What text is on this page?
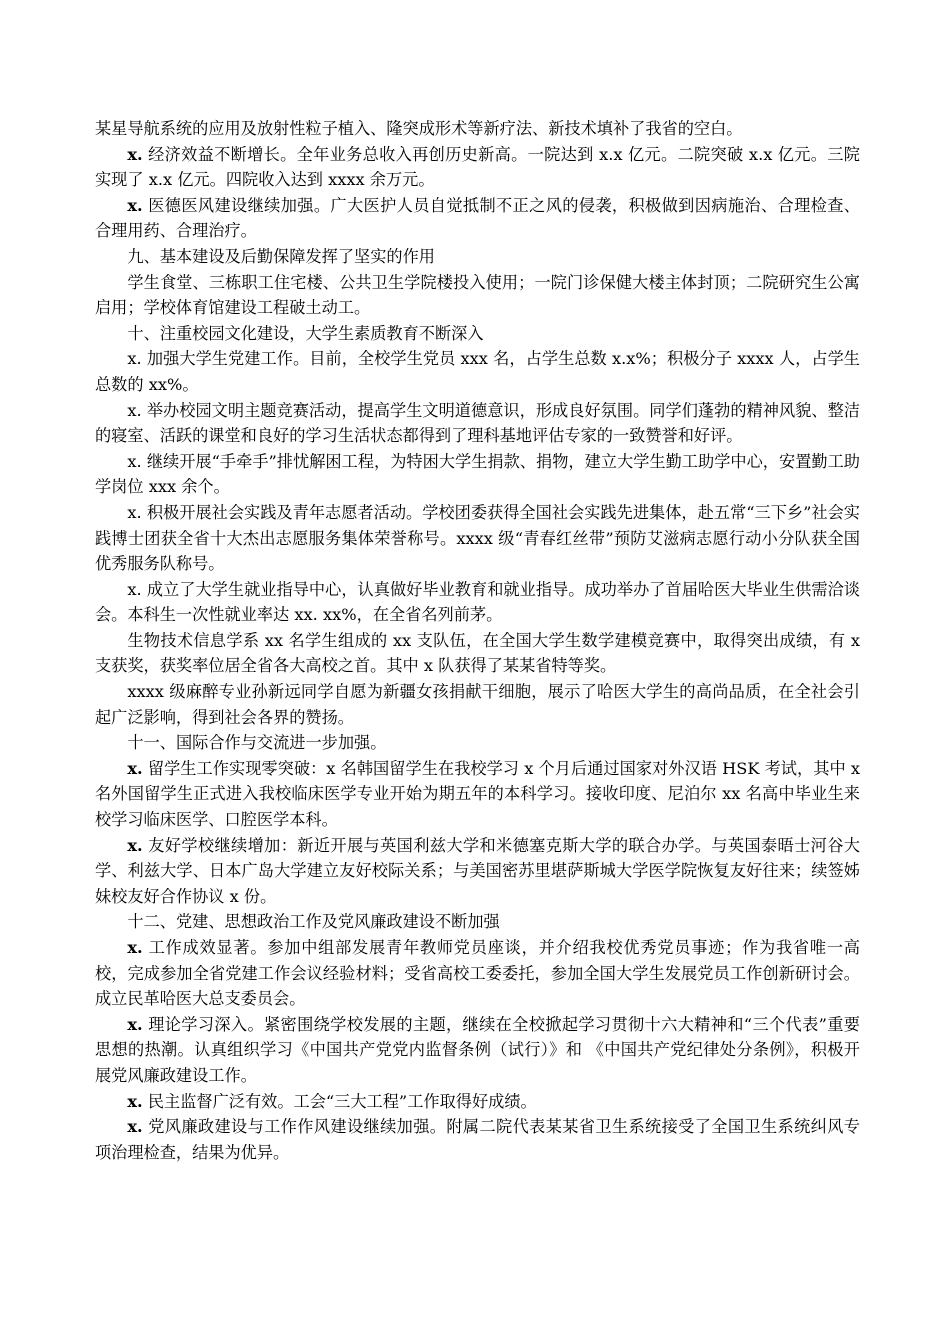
某星导航系统的应用及放射性粒子植入、隆突成形术等新疗法、新技术填补了我省的空白。

x. 经济效益不断增长。全年业务总收入再创历史新高。一院达到 x.x 亿元。二院突破 x.x 亿元。三院实现了 x.x 亿元。四院收入达到 xxxx 余万元。

x. 医德医风建设继续加强。广大医护人员自觉抵制不正之风的侵袭，积极做到因病施治、合理检查、合理用药、合理治疗。

九、基本建设及后勤保障发挥了坚实的作用

学生食堂、三栋职工住宅楼、公共卫生学院楼投入使用；一院门诊保健大楼主体封顶；二院研究生公寓启用；学校体育馆建设工程破土动工。

十、注重校园文化建设，大学生素质教育不断深入

x. 加强大学生党建工作。目前，全校学生党员 xxx 名，占学生总数 x.x%；积极分子 xxxx 人，占学生总数的 xx%。

x. 举办校园文明主题竞赛活动，提高学生文明道德意识，形成良好氛围。同学们蓬勃的精神风貌、整洁的寝室、活跃的课堂和良好的学习生活状态都得到了理科基地评估专家的一致赞誉和好评。

x. 继续开展“手牵手”排忧解困工程，为特困大学生捐款、捐物，建立大学生勤工助学中心，安置勤工助学岗位 xxx 余个。

x. 积极开展社会实践及青年志愿者活动。学校团委获得全国社会实践先进集体，赴五常“三下乡”社会实践博士团获全省十大杰出志愿服务集体荣誉称号。xxxx 级“青春红丝带”预防艾滋病志愿行动小分队获全国优秀服务队称号。

x. 成立了大学生就业指导中心，认真做好毕业教育和就业指导。成功举办了首届哈医大毕业生供需洽谈会。本科生一次性就业率达 xx. xx%，在全省名列前茅。

生物技术信息学系 xx 名学生组成的 xx 支队伍，在全国大学生数学建模竞赛中，取得突出成绩，有 x 支获奖，获奖率位居全省各大高校之首。其中 x 队获得了某某省特等奖。

xxxx 级麻醉专业孙新远同学自愿为新疆女孩捐献干细胞，展示了哈医大学生的高尚品质，在全社会引起广泛影响，得到社会各界的赞扬。

十一、国际合作与交流进一步加强。

x. 留学生工作实现零突破：x 名韩国留学生在我校学习 x 个月后通过国家对外汉语 HSK 考试，其中 x 名外国留学生正式进入我校临床医学专业开始为期五年的本科学习。接收印度、尼泊尔 xx 名高中毕业生来校学习临床医学、口腔医学本科。

x. 友好学校继续增加：新近开展与英国利兹大学和米德塞克斯大学的联合办学。与英国泰晤士河谷大学、利兹大学、日本广岛大学建立友好校际关系；与美国密苏里堪萨斯城大学医学院恢复友好往来；续签姊妹校友好合作协议 x 份。

十二、党建、思想政治工作及党风廉政建设不断加强

x. 工作成效显著。参加中组部发展青年教师党员座谈，并介绍我校优秀党员事迹；作为我省唯一高校，完成参加全省党建工作会议经验材料；受省高校工委委托，参加全国大学生发展党员工作创新研讨会。成立民革哈医大总支委员会。

x. 理论学习深入。紧密围绕学校发展的主题，继续在全校掀起学习贯彻十六大精神和“三个代表”重要思想的热潮。认真组织学习《中国共产党党内监督条例（试行）》和 《中国共产党纪律处分条例》，积极开展党风廉政建设工作。

x. 民主监督广泛有效。工会“三大工程”工作取得好成绩。

x. 党风廉政建设与工作作风建设继续加强。附属二院代表某某省卫生系统接受了全国卫生系统纠风专项治理检查，结果为优异。
